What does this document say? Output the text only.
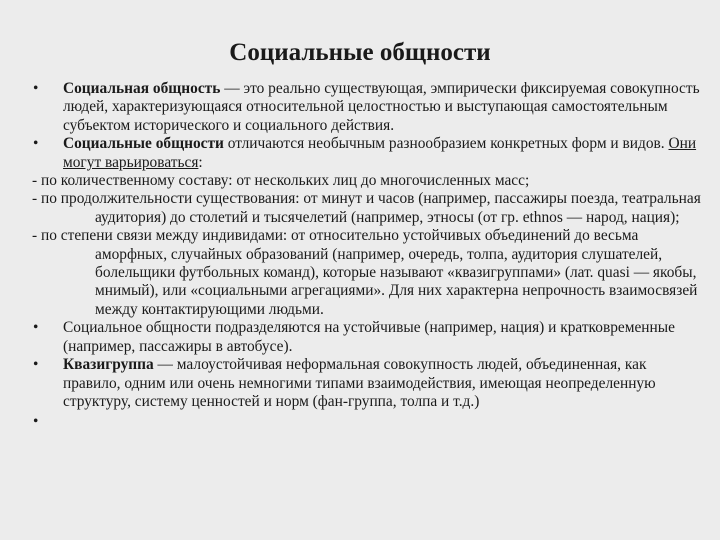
Социальные общности
•	Социальная общность — это реально существующая, эмпирически фиксируемая совокупность людей, характеризующаяся относительной целостностью и выступающая самостоятельным субъектом исторического и социального действия.
•	Социальные общности отличаются необычным разнообразием конкретных форм и видов. Они могут варьироваться:
- по количественному составу: от нескольких лиц до многочисленных масс;
- по продолжительности существования: от минут и часов (например, пассажиры поезда, театральная аудитория) до столетий и тысячелетий (например, этносы (от гр. ethnos — народ, нация);
- по степени связи между индивидами: от относительно устойчивых объединений до весьма аморфных, случайных образований (например, очередь, толпа, аудитория слушателей, болельщики футбольных команд), которые называют «квазигруппами» (лат. quasi — якобы, мнимый), или «социальными агрегациями». Для них характерна непрочность взаимосвязей между контактирующими людьми.
•	Социальное общности подразделяются на устойчивые (например, нация) и кратковременные (например, пассажиры в автобусе).
•	Квазигруппа — малоустойчивая неформальная совокупность людей, объединенная, как правило, одним или очень немногими типами взаимодействия, имеющая неопределенную структуру, систему ценностей и норм (фан-группа, толпа и т.д.)
•
